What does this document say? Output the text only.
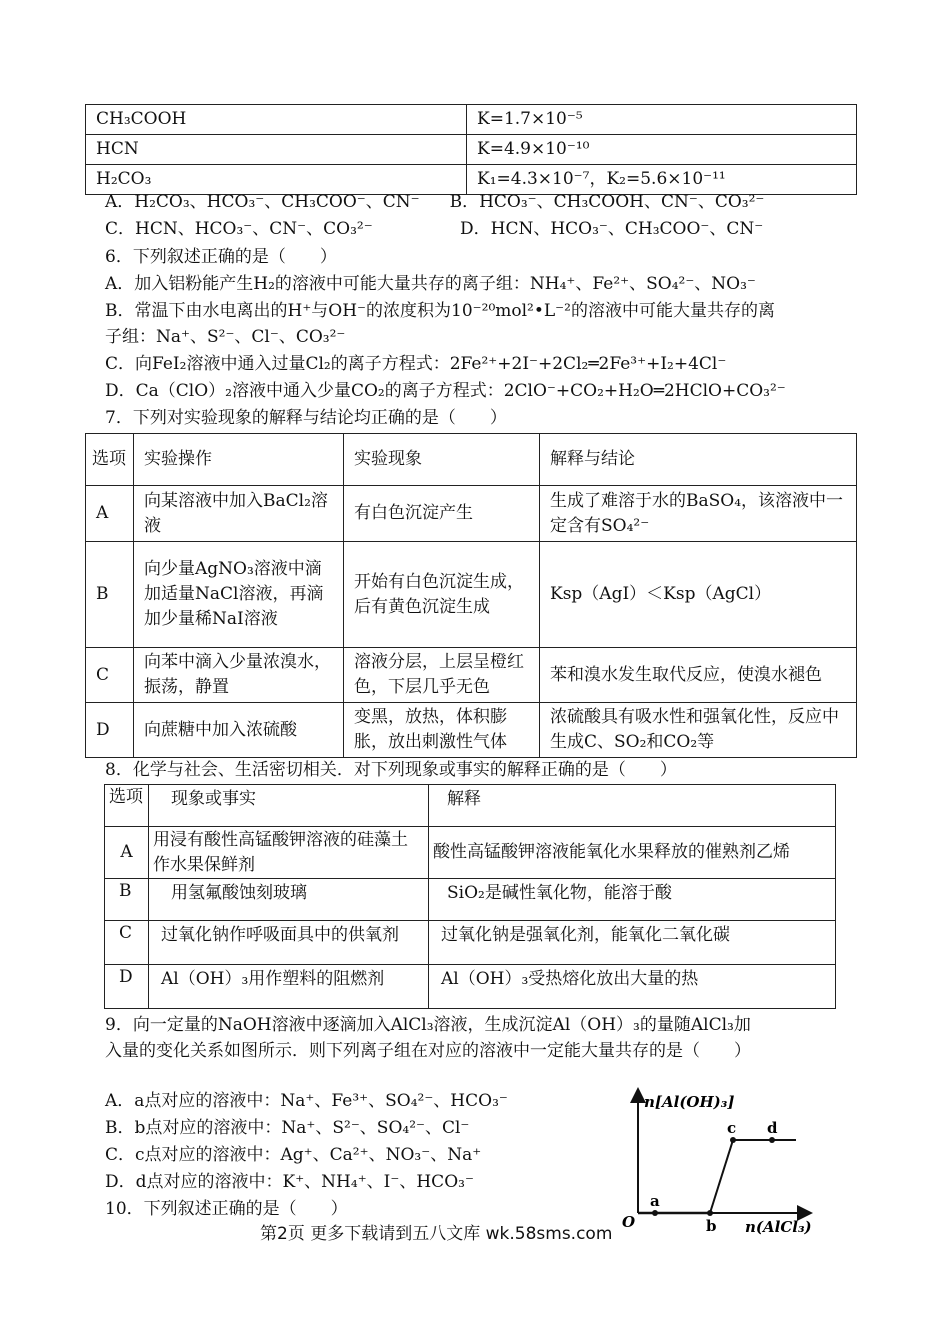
CH₃COOH	K=1.7×10⁻⁵
HCN	K=4.9×10⁻¹⁰
H₂CO₃	K₁=4.3×10⁻⁷，K₂=5.6×10⁻¹¹
A．H₂CO₃、HCO₃⁻、CH₃COO⁻、CN⁻ B．HCO₃⁻、CH₃COOH、CN⁻、CO₃²⁻
C．HCN、HCO₃⁻、CN⁻、CO₃²⁻	D．HCN、HCO₃⁻、CH₃COO⁻、CN⁻
6．下列叙述正确的是（　　）
A．加入铝粉能产生H₂的溶液中可能大量共存的离子组：NH₄⁺、Fe²⁺、SO₄²⁻、NO₃⁻
B．常温下由水电离出的H⁺与OH⁻的浓度积为10⁻²⁰mol²•L⁻²的溶液中可能大量共存的离
子组：Na⁺、S²⁻、Cl⁻、CO₃²⁻
C．向FeI₂溶液中通入过量Cl₂的离子方程式：2Fe²⁺+2I⁻+2Cl₂═2Fe³⁺+I₂+4Cl⁻
D．Ca（ClO）₂溶液中通入少量CO₂的离子方程式：2ClO⁻+CO₂+H₂O═2HClO+CO₃²⁻
7．下列对实验现象的解释与结论均正确的是（　　）
选项	实验操作	实验现象	解释与结论
A	向某溶液中加入BaCl₂溶液	有白色沉淀产生	生成了难溶于水的BaSO₄，该溶液中一定含有SO₄²⁻
B	向少量AgNO₃溶液中滴加适量NaCl溶液，再滴加少量稀NaI溶液	开始有白色沉淀生成，后有黄色沉淀生成	Ksp（AgI）＜Ksp（AgCl）
C	向苯中滴入少量浓溴水，振荡，静置	溶液分层，上层呈橙红色，下层几乎无色	苯和溴水发生取代反应，使溴水褪色
D	向蔗糖中加入浓硫酸	变黑，放热，体积膨胀，放出刺激性气体	浓硫酸具有吸水性和强氧化性，反应中生成C、SO₂和CO₂等
8．化学与社会、生活密切相关．对下列现象或事实的解释正确的是（　　）
选项	现象或事实	解释
A	用浸有酸性高锰酸钾溶液的硅藻土作水果保鲜剂	酸性高锰酸钾溶液能氧化水果释放的催熟剂乙烯
B	用氢氟酸蚀刻玻璃	SiO₂是碱性氧化物，能溶于酸
C	过氧化钠作呼吸面具中的供氧剂	过氧化钠是强氧化剂，能氧化二氧化碳
D	Al（OH）₃用作塑料的阻燃剂	Al（OH）₃受热熔化放出大量的热
9．向一定量的NaOH溶液中逐滴加入AlCl₃溶液，生成沉淀Al（OH）₃的量随AlCl₃加
入量的变化关系如图所示．则下列离子组在对应的溶液中一定能大量共存的是（　　）
A．a点对应的溶液中：Na⁺、Fe³⁺、SO₄²⁻、HCO₃⁻
B．b点对应的溶液中：Na⁺、S²⁻、SO₄²⁻、Cl⁻
C．c点对应的溶液中：Ag⁺、Ca²⁺、NO₃⁻、Na⁺
D．d点对应的溶液中：K⁺、NH₄⁺、I⁻、HCO₃⁻
10．下列叙述正确的是（　　）
n[Al(OH)₃]
n(AlCl₃)
O
a
b
c d
第2页 更多下载请到五八文库 wk.58sms.com
